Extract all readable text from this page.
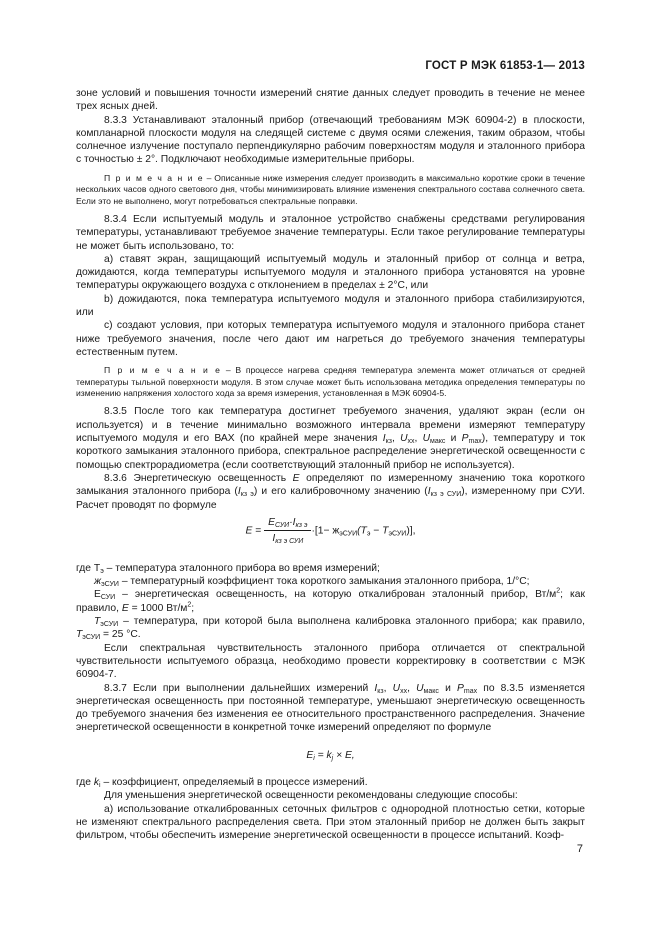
ГОСТ Р МЭК 61853-1— 2013

зоне условий и повышения точности измерений снятие данных следует проводить в течение не менее трех ясных дней.

8.3.3 Устанавливают эталонный прибор (отвечающий требованиям МЭК 60904-2) в плоскости, компланарной плоскости модуля на следящей системе с двумя осями слежения, таким образом, чтобы солнечное излучение поступало перпендикулярно рабочим поверхностям модуля и эталонного прибора с точностью ± 2°. Подключают необходимые измерительные приборы.

П р и м е ч а н и е – Описанные ниже измерения следует производить в максимально короткие сроки в течение нескольких часов одного светового дня, чтобы минимизировать влияние изменения спектрального состава солнечного света. Если это не выполнено, могут потребоваться спектральные поправки.

8.3.4 Если испытуемый модуль и эталонное устройство снабжены средствами регулирования температуры, устанавливают требуемое значение температуры. Если такое регулирование температуры не может быть использовано, то:

a) ставят экран, защищающий испытуемый модуль и эталонный прибор от солнца и ветра, дожидаются, когда температуры испытуемого модуля и эталонного прибора установятся на уровне температуры окружающего воздуха с отклонением в пределах ± 2°С, или

b) дожидаются, пока температура испытуемого модуля и эталонного прибора стабилизируются, или

c) создают условия, при которых температура испытуемого модуля и эталонного прибора станет ниже требуемого значения, после чего дают им нагреться до требуемого значения температуры естественным путем.

П р и м е ч а н и е – В процессе нагрева средняя температура элемента может отличаться от средней температуры тыльной поверхности модуля. В этом случае может быть использована методика определения температуры по изменению напряжения холостого хода за время измерения, установленная в МЭК 60904-5.

8.3.5 После того как температура достигнет требуемого значения, удаляют экран (если он используется) и в течение минимально возможного интервала времени измеряют температуру испытуемого модуля и его ВАХ (по крайней мере значения $I_{кз}$, $U_{хх}$, $U_{макс}$ и $P_{max}$), температуру и ток короткого замыкания эталонного прибора, спектральное распределение энергетической освещенности с помощью спектрорадиометра (если соответствующий эталонный прибор не используется).

8.3.6 Энергетическую освещенность E определяют по измеренному значению тока короткого замыкания эталонного прибора $(I_{кз э})$ и его калибровочному значению $(I_{кз э СУИ})$, измеренному при СУИ. Расчет проводят по формуле

$E = \frac{E_{СУИ}\cdot I_{кз э}}{I_{кз э СУИ}} \cdot[1- ж_{эСУИ}(T_э - T_{эСУИ})]$,

где $T_э$ – температура эталонного прибора во время измерений;

$ж_{эСУИ}$ – температурный коэффициент тока короткого замыкания эталонного прибора, 1/°С;

$Е_{СУИ}$ – энергетическая освещенность, на которую откалиброван эталонный прибор, $Вт/м^2$; как правило, E = 1000 $Вт/м^2$;

$T_{эСУИ}$ – температура, при которой была выполнена калибровка эталонного прибора; как правило, $T_{эСУИ} = 25$ °С.

Если спектральная чувствительность эталонного прибора отличается от спектральной чувствительности испытуемого образца, необходимо провести корректировку в соответствии с МЭК 60904-7.

8.3.7 Если при выполнении дальнейших измерений $I_{кз}$, $U_{хх}$, $U_{макс}$ и $P_{max}$ по 8.3.5 изменяется энергетическая освещенность при постоянной температуре, уменьшают энергетическую освещенность до требуемого значения без изменения ее относительного пространственного распределения. Значение энергетической освещенности в конкретной точке измерений определяют по формуле

$E_i = k_j \times E$,

где $k_i$ – коэффициент, определяемый в процессе измерений.

Для уменьшения энергетической освещенности рекомендованы следующие способы:

a) использование откалиброванных сеточных фильтров с однородной плотностью сетки, которые не изменяют спектрального распределения света. При этом эталонный прибор не должен быть закрыт фильтром, чтобы обеспечить измерение энергетической освещенности в процессе испытаний. Коэф-

7
